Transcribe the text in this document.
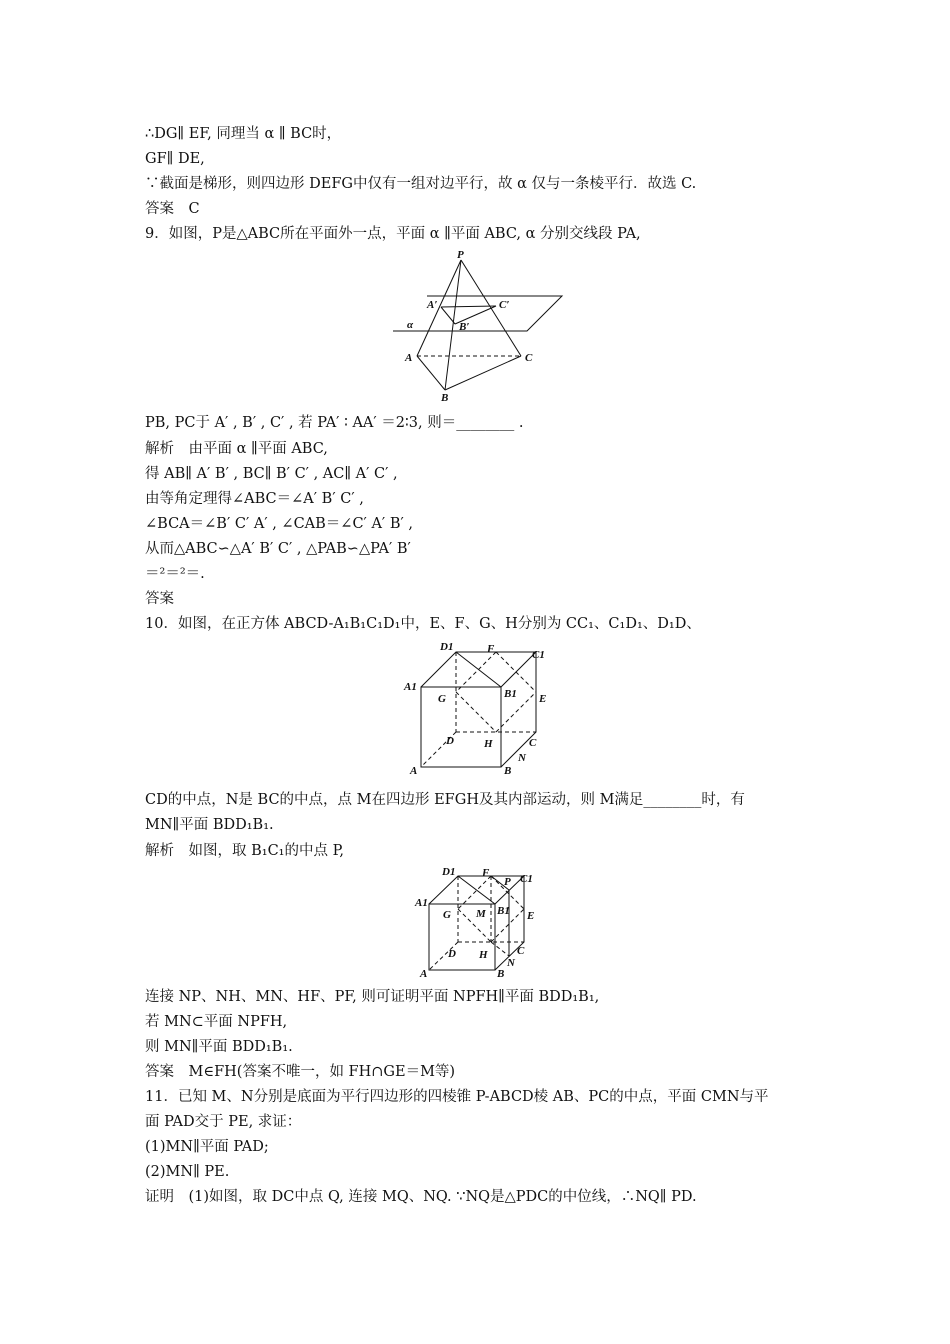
∴DG∥ EF, 同理当 α ∥ BC时，
GF∥ DE,
∵截面是梯形，则四边形 DEFG中仅有一组对边平行，故 α 仅与一条棱平行．故选 C.
答案　C
9．如图，P是△ABC所在平面外一点，平面 α ∥平面 ABC, α 分别交线段 PA,
P
A′	C′
B′
α
A	C
B
PB, PC于 A′ , B′ , C′ , 若 PA′ ∶ AA′ ＝2∶3, 则＝________ .
解析　由平面 α ∥平面 ABC,
得 AB∥ A′ B′ , BC∥ B′ C′ , AC∥ A′ C′ ,
由等角定理得∠ABC＝∠A′ B′ C′ ,
∠BCA＝∠B′ C′ A′ , ∠CAB＝∠C′ A′ B′ ,
从而△ABC∽△A′ B′ C′ , △PAB∽△PA′ B′
＝²＝²＝.
答案
10．如图，在正方体 ABCD-A₁B₁C₁D₁中，E、F、G、H分别为 CC₁、C₁D₁、D₁D、
D1	F	C1
A1
B1
G	E
D	H	C
N
A	B
CD的中点，N是 BC的中点，点 M在四边形 EFGH及其内部运动，则 M满足________时，有
MN∥平面 BDD₁B₁.
解析　如图，取 B₁C₁的中点 P,
D1 F
P C1
A1
G M B1 E
C
D H
N
A	B
连接 NP、NH、MN、HF、PF, 则可证明平面 NPFH∥平面 BDD₁B₁,
若 MN⊂平面 NPFH,
则 MN∥平面 BDD₁B₁.
答案　M∈FH(答案不唯一，如 FH∩GE＝M等)
11．已知 M、N分别是底面为平行四边形的四棱锥 P-ABCD棱 AB、PC的中点，平面 CMN与平
面 PAD交于 PE, 求证：
(1)MN∥平面 PAD;
(2)MN∥ PE.
证明　(1)如图，取 DC中点 Q, 连接 MQ、NQ. ∵NQ是△PDC的中位线，∴NQ∥ PD.
